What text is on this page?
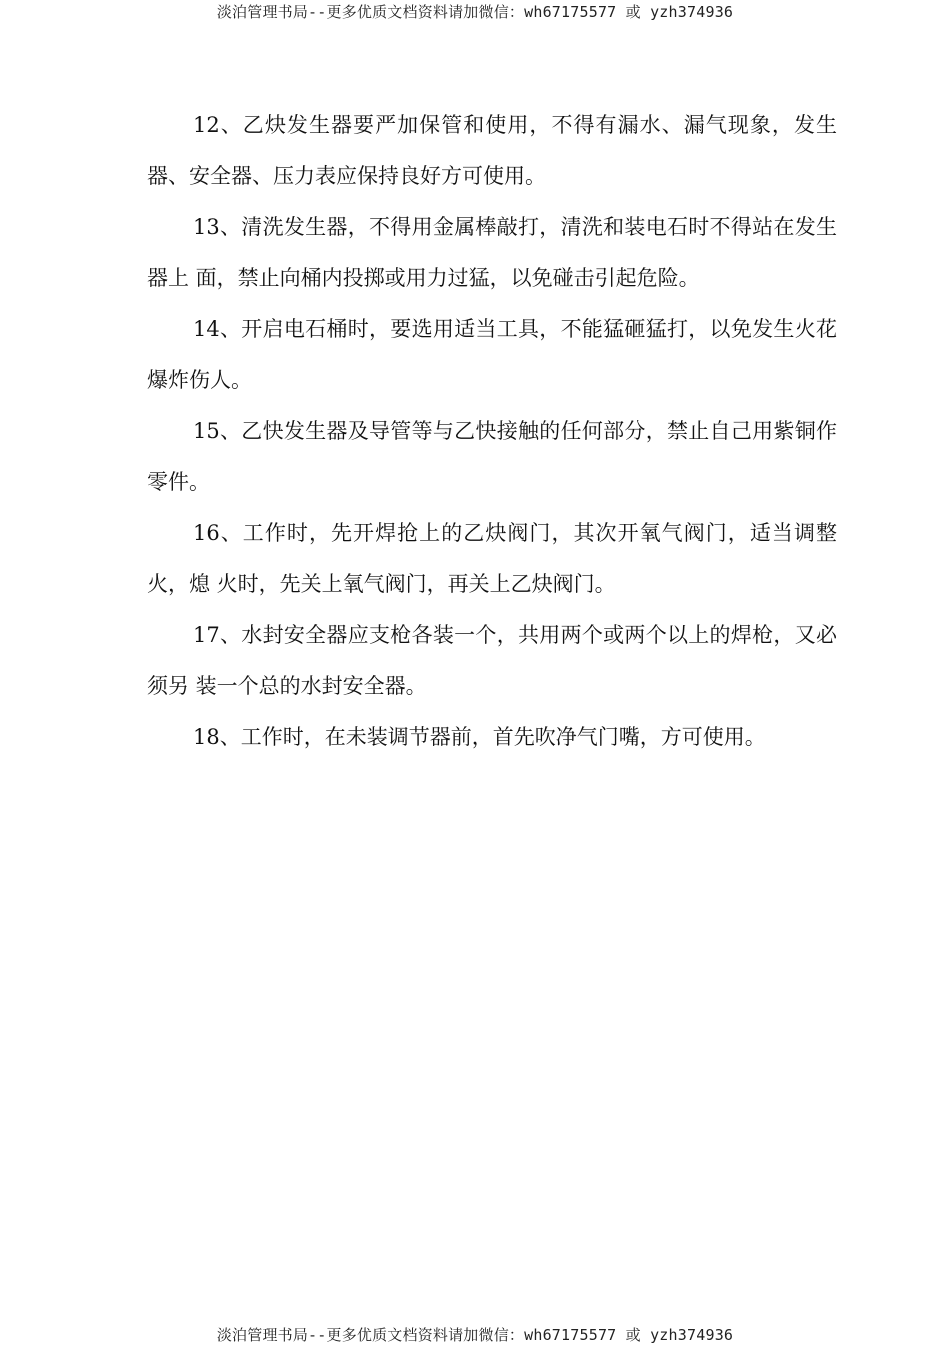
淡泊管理书局--更多优质文档资料请加微信：wh67175577 或 yzh374936

12、乙炔发生器要严加保管和使用，不得有漏水、漏气现象，发生器、安全器、压力表应保持良好方可使用。

13、清洗发生器，不得用金属棒敲打，清洗和装电石时不得站在发生器上 面，禁止向桶内投掷或用力过猛，以免碰击引起危险。

14、开启电石桶时，要选用适当工具，不能猛砸猛打，以免发生火花爆炸伤人。

15、乙快发生器及导管等与乙快接触的任何部分，禁止自己用紫铜作零件。

16、工作时，先开焊抢上的乙炔阀门，其次开氧气阀门，适当调整火，熄 火时，先关上氧气阀门，再关上乙炔阀门。

17、水封安全器应支枪各装一个，共用两个或两个以上的焊枪，又必须另 装一个总的水封安全器。

18、工作时，在未装调节器前，首先吹净气门嘴，方可使用。

淡泊管理书局--更多优质文档资料请加微信：wh67175577 或 yzh374936
